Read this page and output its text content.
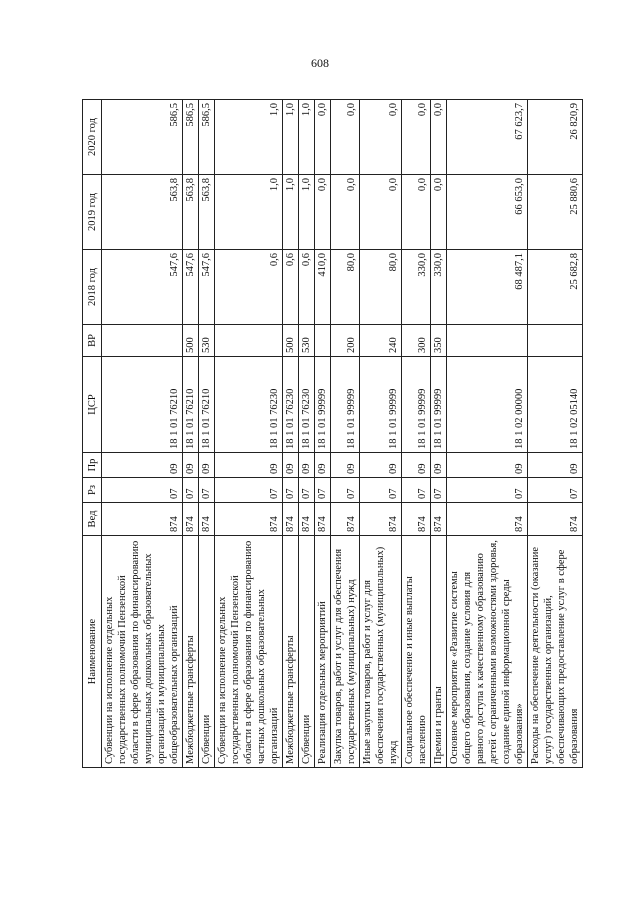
608
Наименование	Вед	Рз	Пр	ЦСР	ВР	2018 год	2019 год	2020 год
Субвенции на исполнение отдельных государственных полномочий Пензенской области в сфере образования по финансированию муниципальных дошкольных образовательных организаций и муниципальных общеобразовательных организаций	874	07	09	18 1 01 76210		547,6	563,8	586,5
Межбюджетные трансферты	874	07	09	18 1 01 76210	500	547,6	563,8	586,5
Субвенции	874	07	09	18 1 01 76210	530	547,6	563,8	586,5
Субвенции на исполнение отдельных государственных полномочий Пензенской области в сфере образования по финансированию частных дошкольных образовательных организаций	874	07	09	18 1 01 76230		0,6	1,0	1,0
Межбюджетные трансферты	874	07	09	18 1 01 76230	500	0,6	1,0	1,0
Субвенции	874	07	09	18 1 01 76230	530	0,6	1,0	1,0
Реализация отдельных мероприятий	874	07	09	18 1 01 99999		410,0	0,0	0,0
Закупка товаров, работ и услуг для обеспечения государственных (муниципальных) нужд	874	07	09	18 1 01 99999	200	80,0	0,0	0,0
Иные закупки товаров, работ и услуг для обеспечения государственных (муниципальных) нужд	874	07	09	18 1 01 99999	240	80,0	0,0	0,0
Социальное обеспечение и иные выплаты населению	874	07	09	18 1 01 99999	300	330,0	0,0	0,0
Премии и гранты	874	07	09	18 1 01 99999	350	330,0	0,0	0,0
Основное мероприятие «Развитие системы общего образования, создание условия для равного доступа к качественному образованию детей с ограниченными возможностями здоровья, создание единой информационной среды образования»	874	07	09	18 1 02 00000		68 487,1	66 653,0	67 623,7
Расходы на обеспечение деятельности (оказание услуг) государственных организаций, обеспечивающих предоставление услуг в сфере образования	874	07	09	18 1 02 05140		25 682,8	25 880,6	26 820,9
